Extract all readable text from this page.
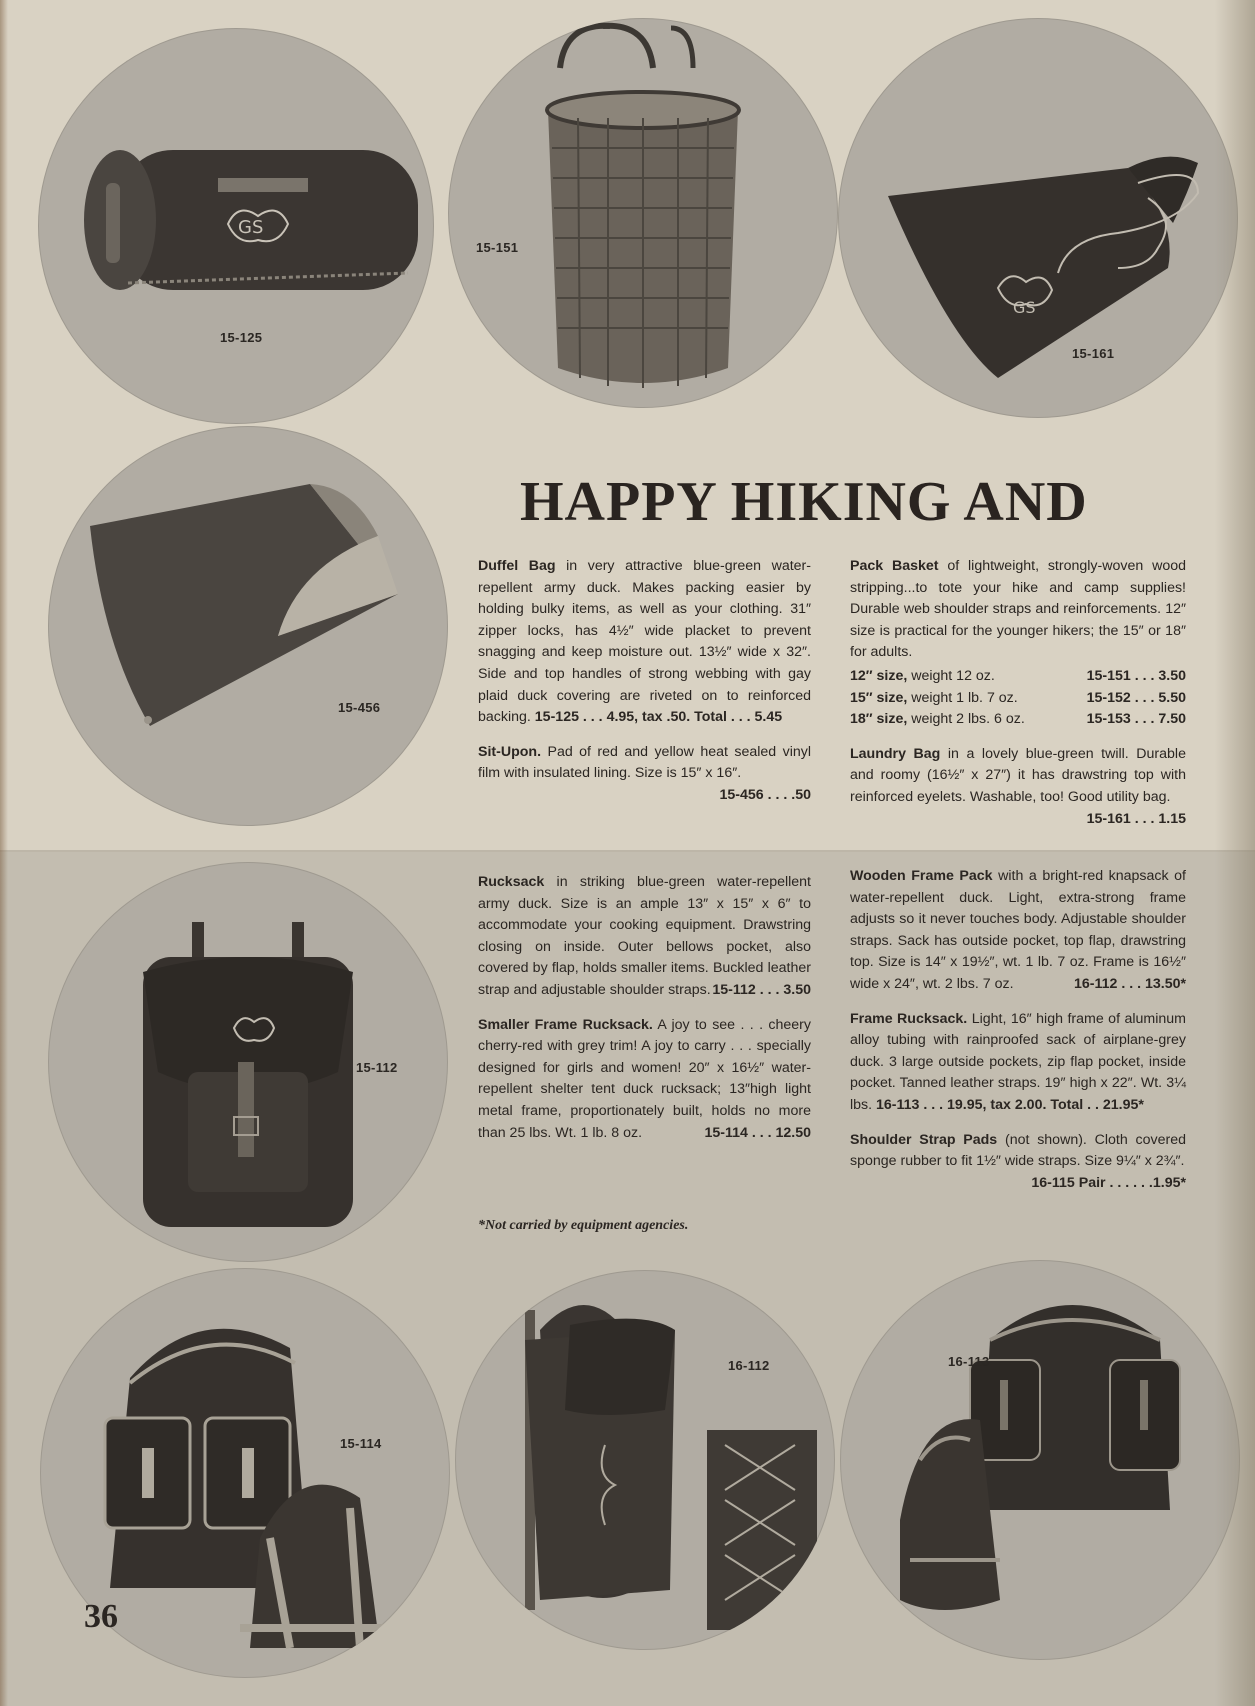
GS
15-125
15-151
GS
15-161
15-456
HAPPY HIKING AND

Duffel Bag in very attractive blue-green water-repellent army duck. Makes packing easier by holding bulky items, as well as your clothing. 31″ zipper locks, has 4½″ wide placket to prevent snagging and keep moisture out. 13½″ wide x 32″. Side and top handles of strong webbing with gay plaid duck covering are riveted on to reinforced backing. 15-125 . . . 4.95, tax .50. Total . . . 5.45

Sit-Upon. Pad of red and yellow heat sealed vinyl film with insulated lining. Size is 15″ x 16″.
15-456 . . . .50

Pack Basket of lightweight, strongly-woven wood stripping...to tote your hike and camp supplies! Durable web shoulder straps and reinforcements. 12″ size is practical for the younger hikers; the 15″ or 18″ for adults.

12″ size, weight 12 oz.	15-151 . . . 3.50
15″ size, weight 1 lb. 7 oz.	15-152 . . . 5.50
18″ size, weight 2 lbs. 6 oz.	15-153 . . . 7.50

Laundry Bag in a lovely blue-green twill. Durable and roomy (16½″ x 27″) it has drawstring top with reinforced eyelets. Washable, too! Good utility bag.
15-161 . . . 1.15

15-112

Rucksack in striking blue-green water-repellent army duck. Size is an ample 13″ x 15″ x 6″ to accommodate your cooking equipment. Drawstring closing on inside. Outer bellows pocket, also covered by flap, holds smaller items. Buckled leather strap and adjustable shoulder straps. 15-112 . . . 3.50

Smaller Frame Rucksack. A joy to see . . . cheery cherry-red with grey trim! A joy to carry . . . specially designed for girls and women! 20″ x 16½″ water-repellent shelter tent duck rucksack; 13″high light metal frame, proportionately built, holds no more than 25 lbs. Wt. 1 lb. 8 oz.	15-114 . . . 12.50

*Not carried by equipment agencies.

Wooden Frame Pack with a bright-red knapsack of water-repellent duck. Light, extra-strong frame adjusts so it never touches body. Adjustable shoulder straps. Sack has outside pocket, top flap, drawstring top. Size is 14″ x 19½″, wt. 1 lb. 7 oz. Frame is 16½″ wide x 24″, wt. 2 lbs. 7 oz.	16-112 . . . 13.50*

Frame Rucksack. Light, 16″ high frame of aluminum alloy tubing with rainproofed sack of airplane-grey duck. 3 large outside pockets, zip flap pocket, inside pocket. Tanned leather straps. 19″ high x 22″. Wt. 3¼ lbs. 16-113 . . . 19.95, tax 2.00. Total . . 21.95*

Shoulder Strap Pads (not shown). Cloth covered sponge rubber to fit 1½″ wide straps. Size 9¼″ x 2¾″.
16-115 Pair . . . . . .1.95*

15-114
16-112	16-113
36
